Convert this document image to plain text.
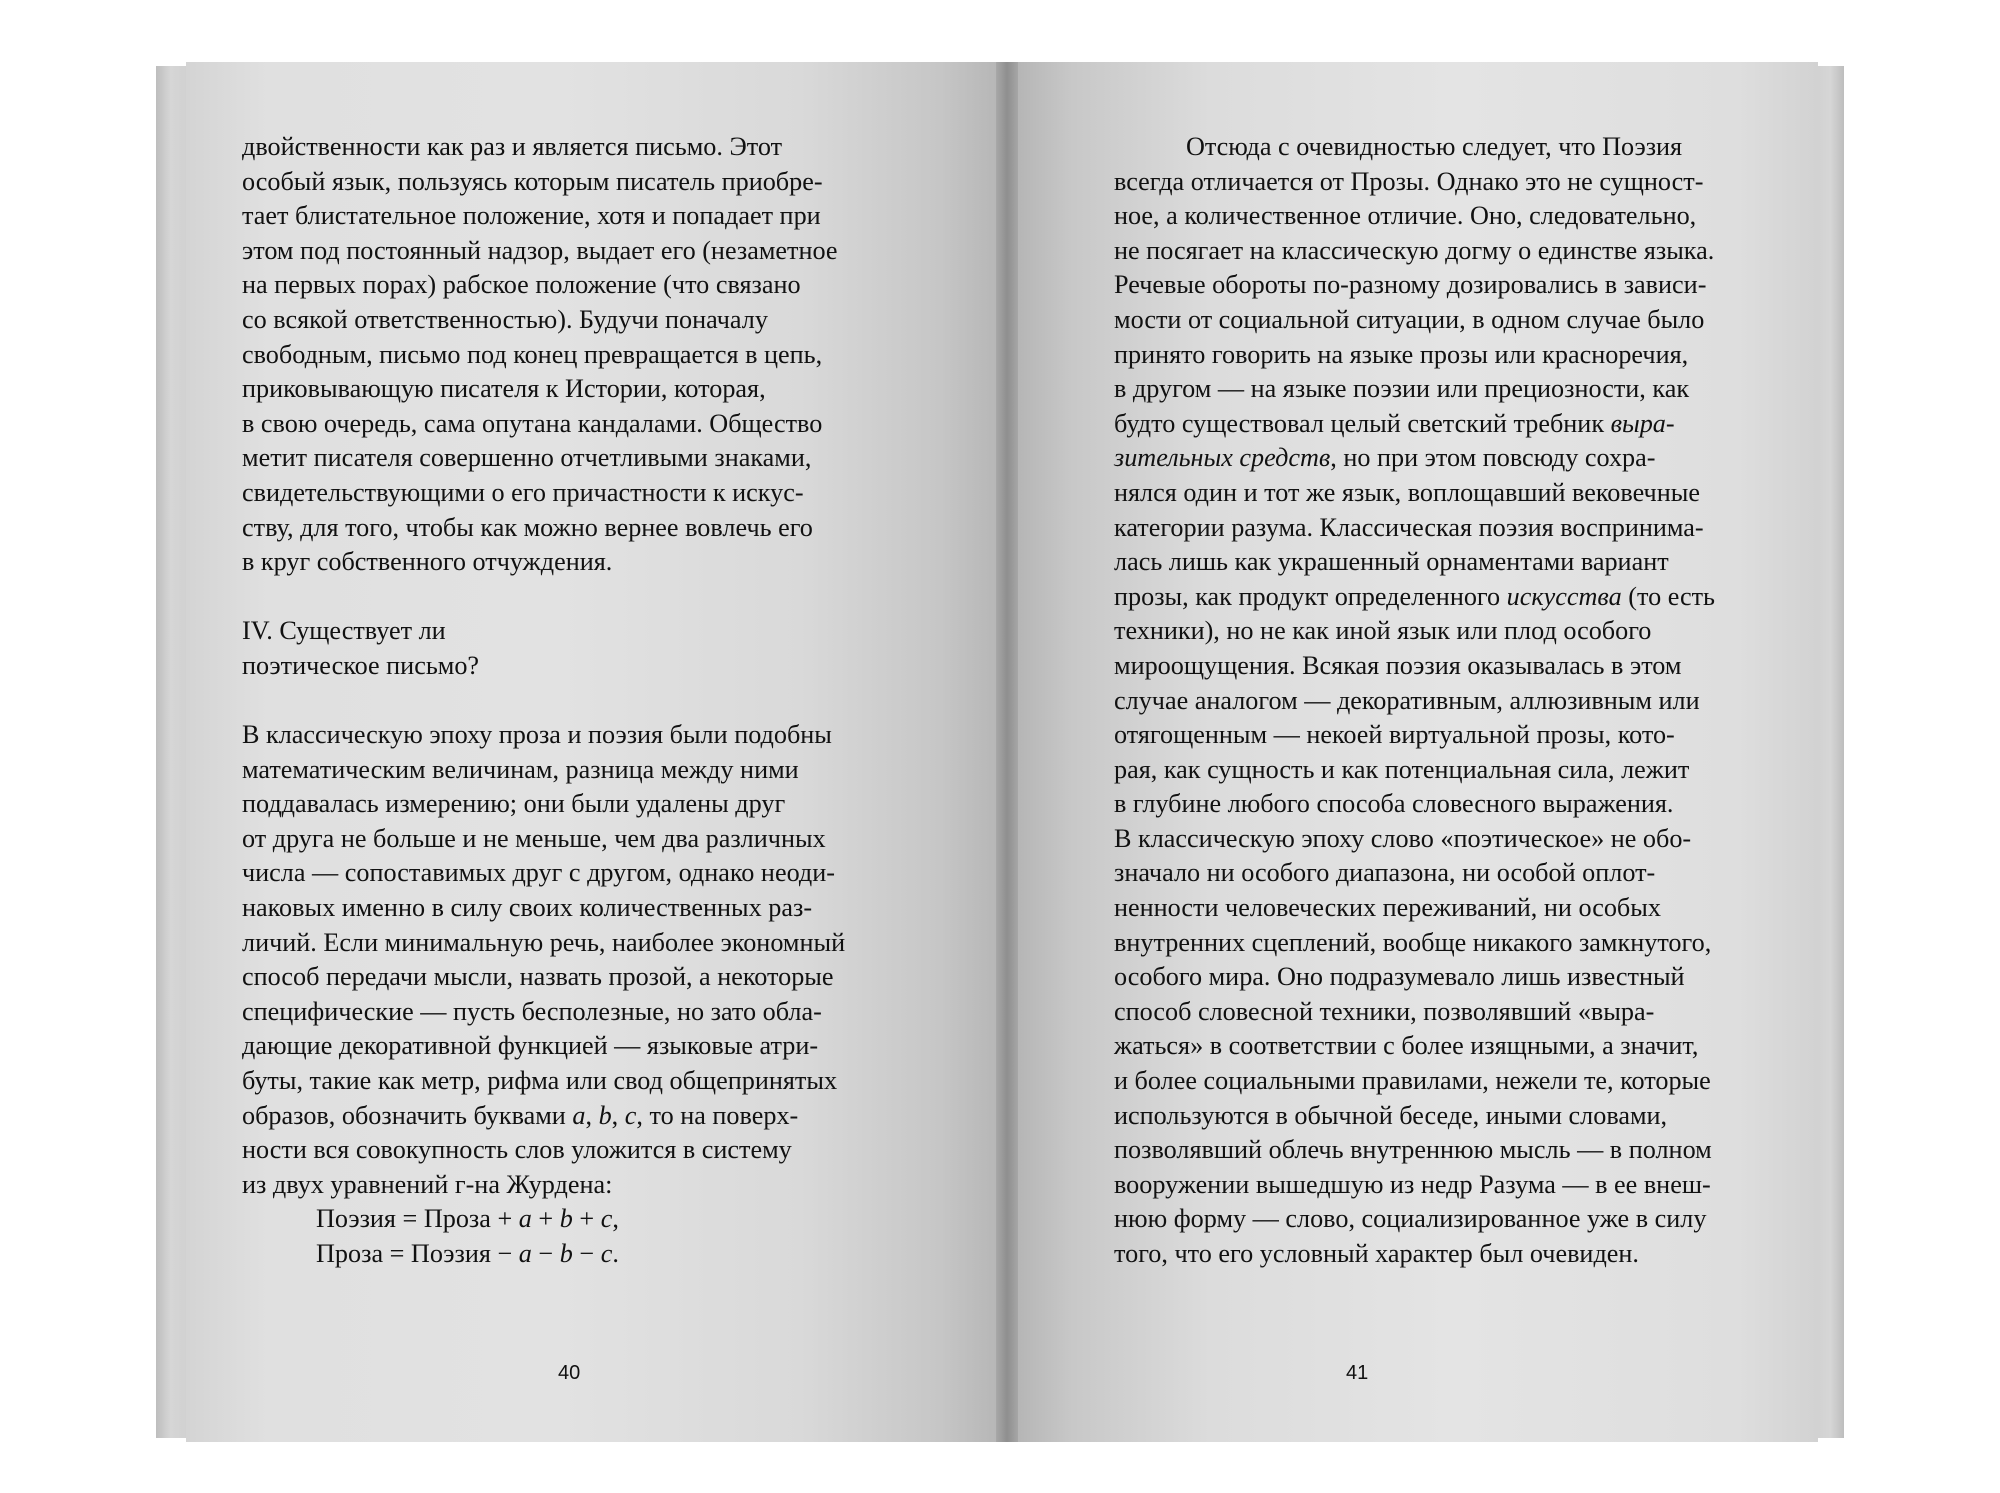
двойственности как раз и является письмо. Этот
особый язык, пользуясь которым писатель приобре-
тает блистательное положение, хотя и попадает при
этом под постоянный надзор, выдает его (незаметное
на первых порах) рабское положение (что связано
со всякой ответственностью). Будучи поначалу
свободным, письмо под конец превращается в цепь,
приковывающую писателя к Истории, которая,
в свою очередь, сама опутана кандалами. Общество
метит писателя совершенно отчетливыми знаками,
свидетельствующими о его причастности к искус-
ству, для того, чтобы как можно вернее вовлечь его
в круг собственного отчуждения.
IV. Существует ли
поэтическое письмо?
В классическую эпоху проза и поэзия были подобны
математическим величинам, разница между ними
поддавалась измерению; они были удалены друг
от друга не больше и не меньше, чем два различных
числа — сопоставимых друг с другом, однако неоди-
наковых именно в силу своих количественных раз-
личий. Если минимальную речь, наиболее экономный
способ передачи мысли, назвать прозой, а некоторые
специфические — пусть бесполезные, но зато обла-
дающие декоративной функцией — языковые атри-
буты, такие как метр, рифма или свод общепринятых
образов, обозначить буквами a, b, c, то на поверх-
ности вся совокупность слов уложится в систему
из двух уравнений г-на Журдена:
Поэзия = Проза + a + b + c,
Проза = Поэзия − a − b − c.
40
Отсюда с очевидностью следует, что Поэзия
всегда отличается от Прозы. Однако это не сущност-
ное, а количественное отличие. Оно, следовательно,
не посягает на классическую догму о единстве языка.
Речевые обороты по-разному дозировались в зависи-
мости от социальной ситуации, в одном случае было
принято говорить на языке прозы или красноречия,
в другом — на языке поэзии или прециозности, как
будто существовал целый светский требник выра-
зительных средств, но при этом повсюду сохра-
нялся один и тот же язык, воплощавший вековечные
категории разума. Классическая поэзия воспринима-
лась лишь как украшенный орнаментами вариант
прозы, как продукт определенного искусства (то есть
техники), но не как иной язык или плод особого
мироощущения. Всякая поэзия оказывалась в этом
случае аналогом — декоративным, аллюзивным или
отягощенным — некоей виртуальной прозы, кото-
рая, как сущность и как потенциальная сила, лежит
в глубине любого способа словесного выражения.
В классическую эпоху слово «поэтическое» не обо-
значало ни особого диапазона, ни особой оплот-
ненности человеческих переживаний, ни особых
внутренних сцеплений, вообще никакого замкнутого,
особого мира. Оно подразумевало лишь известный
способ словесной техники, позволявший «выра-
жаться» в соответствии с более изящными, а значит,
и более социальными правилами, нежели те, которые
используются в обычной беседе, иными словами,
позволявший облечь внутреннюю мысль — в полном
вооружении вышедшую из недр Разума — в ее внеш-
нюю форму — слово, социализированное уже в силу
того, что его условный характер был очевиден.
41
